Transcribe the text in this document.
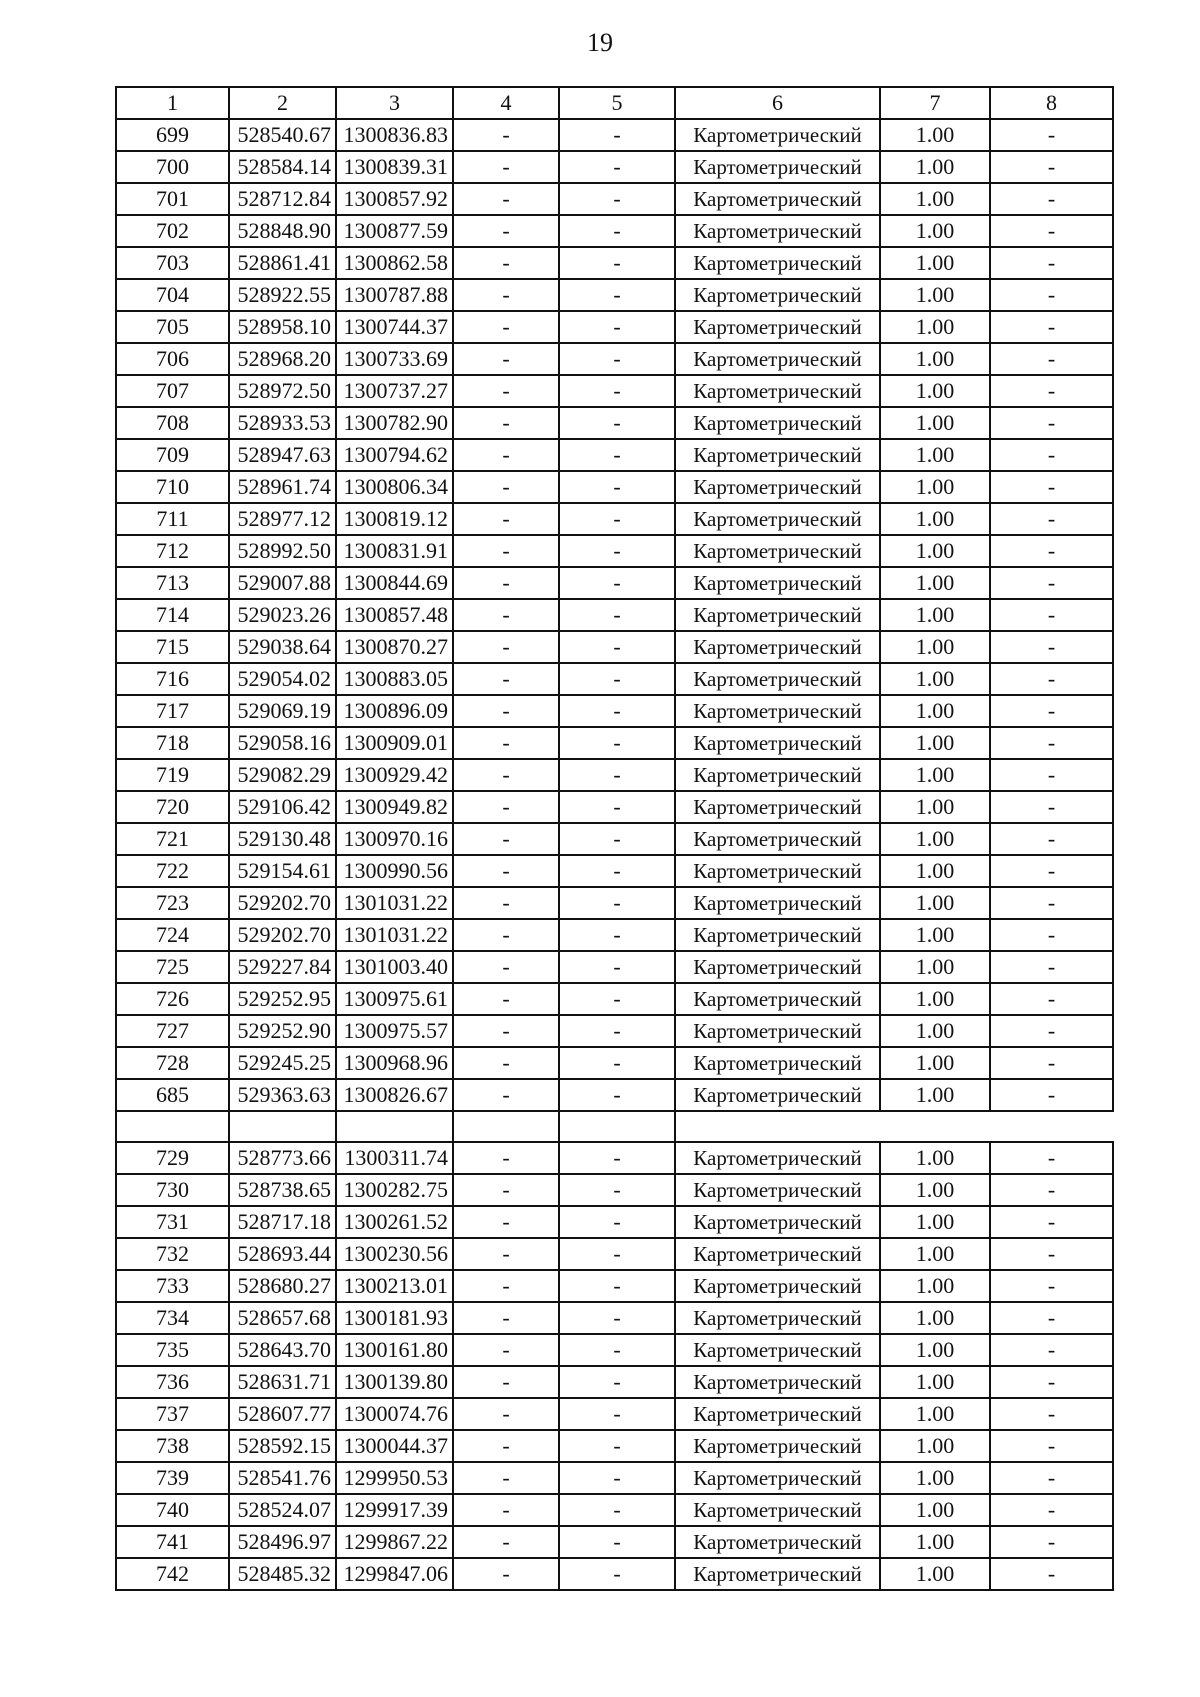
19
1	2	3	4	5	6	7	8
699	528540.67	1300836.83	-	-	Картометрический	1.00	-
700	528584.14	1300839.31	-	-	Картометрический	1.00	-
701	528712.84	1300857.92	-	-	Картометрический	1.00	-
702	528848.90	1300877.59	-	-	Картометрический	1.00	-
703	528861.41	1300862.58	-	-	Картометрический	1.00	-
704	528922.55	1300787.88	-	-	Картометрический	1.00	-
705	528958.10	1300744.37	-	-	Картометрический	1.00	-
706	528968.20	1300733.69	-	-	Картометрический	1.00	-
707	528972.50	1300737.27	-	-	Картометрический	1.00	-
708	528933.53	1300782.90	-	-	Картометрический	1.00	-
709	528947.63	1300794.62	-	-	Картометрический	1.00	-
710	528961.74	1300806.34	-	-	Картометрический	1.00	-
711	528977.12	1300819.12	-	-	Картометрический	1.00	-
712	528992.50	1300831.91	-	-	Картометрический	1.00	-
713	529007.88	1300844.69	-	-	Картометрический	1.00	-
714	529023.26	1300857.48	-	-	Картометрический	1.00	-
715	529038.64	1300870.27	-	-	Картометрический	1.00	-
716	529054.02	1300883.05	-	-	Картометрический	1.00	-
717	529069.19	1300896.09	-	-	Картометрический	1.00	-
718	529058.16	1300909.01	-	-	Картометрический	1.00	-
719	529082.29	1300929.42	-	-	Картометрический	1.00	-
720	529106.42	1300949.82	-	-	Картометрический	1.00	-
721	529130.48	1300970.16	-	-	Картометрический	1.00	-
722	529154.61	1300990.56	-	-	Картометрический	1.00	-
723	529202.70	1301031.22	-	-	Картометрический	1.00	-
724	529202.70	1301031.22	-	-	Картометрический	1.00	-
725	529227.84	1301003.40	-	-	Картометрический	1.00	-
726	529252.95	1300975.61	-	-	Картометрический	1.00	-
727	529252.90	1300975.57	-	-	Картометрический	1.00	-
728	529245.25	1300968.96	-	-	Картометрический	1.00	-
685	529363.63	1300826.67	-	-	Картометрический	1.00	-

729	528773.66	1300311.74	-	-	Картометрический	1.00	-
730	528738.65	1300282.75	-	-	Картометрический	1.00	-
731	528717.18	1300261.52	-	-	Картометрический	1.00	-
732	528693.44	1300230.56	-	-	Картометрический	1.00	-
733	528680.27	1300213.01	-	-	Картометрический	1.00	-
734	528657.68	1300181.93	-	-	Картометрический	1.00	-
735	528643.70	1300161.80	-	-	Картометрический	1.00	-
736	528631.71	1300139.80	-	-	Картометрический	1.00	-
737	528607.77	1300074.76	-	-	Картометрический	1.00	-
738	528592.15	1300044.37	-	-	Картометрический	1.00	-
739	528541.76	1299950.53	-	-	Картометрический	1.00	-
740	528524.07	1299917.39	-	-	Картометрический	1.00	-
741	528496.97	1299867.22	-	-	Картометрический	1.00	-
742	528485.32	1299847.06	-	-	Картометрический	1.00	-
